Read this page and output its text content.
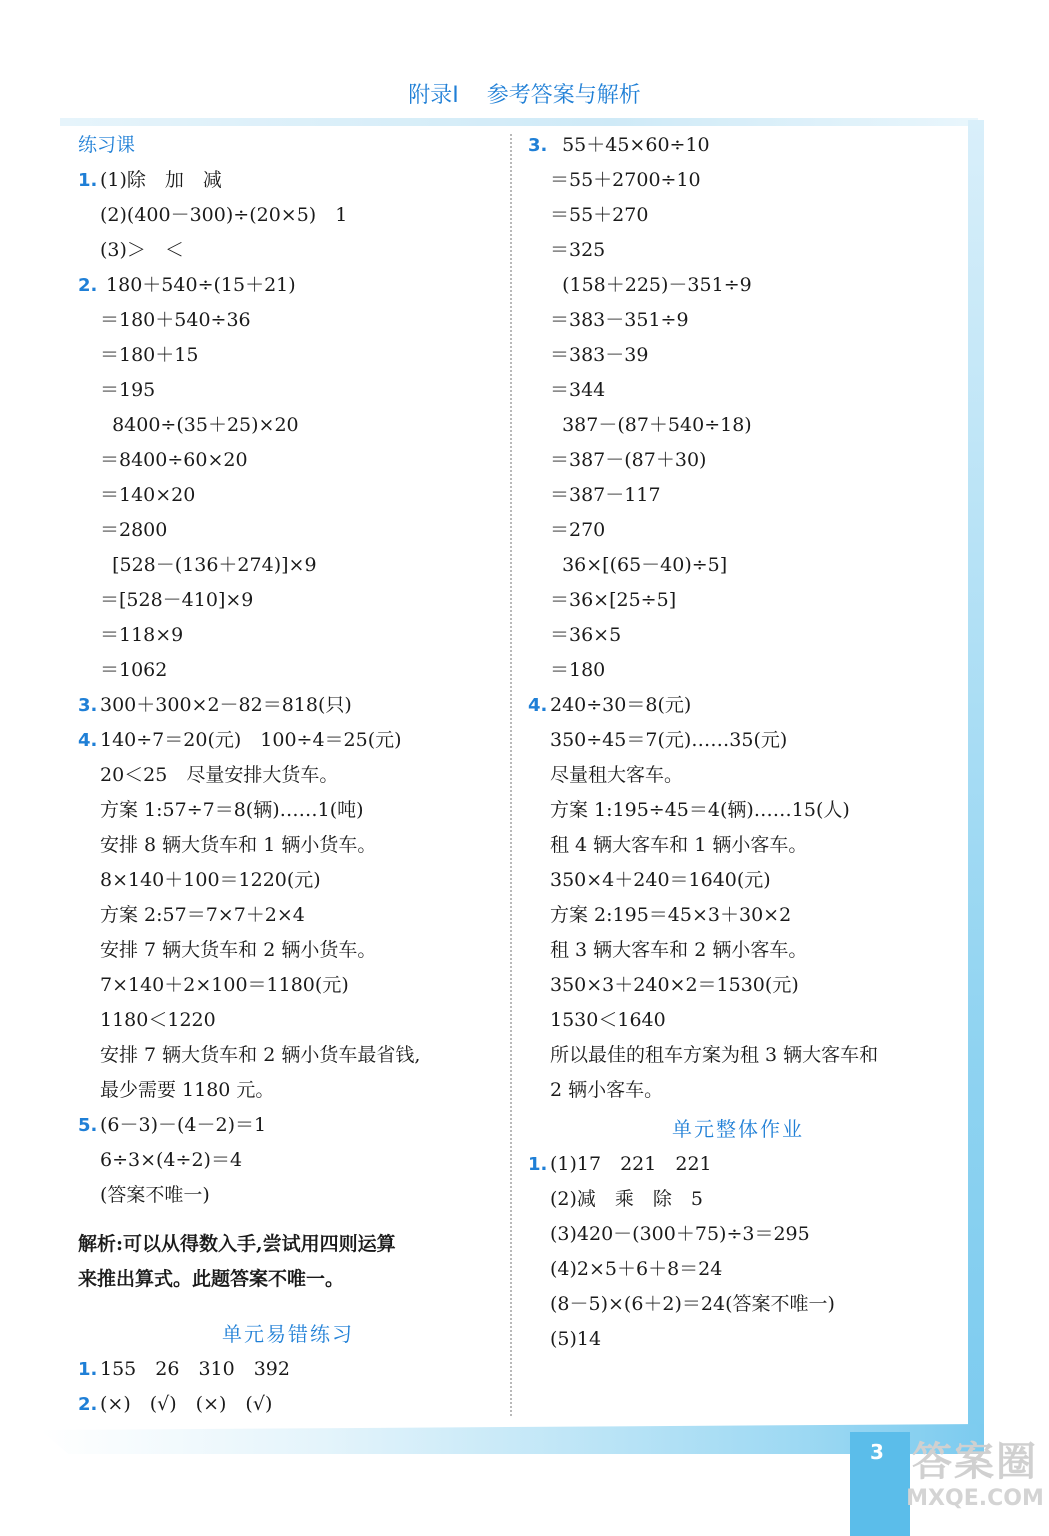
3 答案圈
MXQE.COM
附录Ⅰ 参考答案与解析
练习课
1. (1)除　加　减
(2)(400－300)÷(20×5)　1
(3)＞　＜
2. 180＋540÷(15＋21)
＝180＋540÷36
＝180＋15
＝195
8400÷(35＋25)×20
＝8400÷60×20
＝140×20
＝2800
[528－(136＋274)]×9
＝[528－410]×9
＝118×9
＝1062
3. 300＋300×2－82＝818(只)
4. 140÷7＝20(元)　100÷4＝25(元)
20＜25　尽量安排大货车。
方案 1:57÷7＝8(辆)……1(吨)
安排 8 辆大货车和 1 辆小货车。
8×140＋100＝1220(元)
方案 2:57＝7×7＋2×4
安排 7 辆大货车和 2 辆小货车。
7×140＋2×100＝1180(元)
1180＜1220
安排 7 辆大货车和 2 辆小货车最省钱,
最少需要 1180 元。
5. (6－3)－(4－2)＝1
6÷3×(4÷2)＝4
(答案不唯一)
解析:可以从得数入手,尝试用四则运算
来推出算式。此题答案不唯一。
单元易错练习
1. 155　26　310　392
2. (×)　(√)　(×)　(√)
3.  55＋45×60÷10
＝55＋2700÷10
＝55＋270
＝325
(158＋225)－351÷9
＝383－351÷9
＝383－39
＝344
387－(87＋540÷18)
＝387－(87＋30)
＝387－117
＝270
36×[(65－40)÷5]
＝36×[25÷5]
＝36×5
＝180
4. 240÷30＝8(元)
350÷45＝7(元)……35(元)
尽量租大客车。
方案 1:195÷45＝4(辆)……15(人)
租 4 辆大客车和 1 辆小客车。
350×4＋240＝1640(元)
方案 2:195＝45×3＋30×2
租 3 辆大客车和 2 辆小客车。
350×3＋240×2＝1530(元)
1530＜1640
所以最佳的租车方案为租 3 辆大客车和
2 辆小客车。
单元整体作业
1. (1)17　221　221
(2)减　乘　除　5
(3)420－(300＋75)÷3＝295
(4)2×5＋6＋8＝24
(8－5)×(6＋2)＝24(答案不唯一)
(5)14
